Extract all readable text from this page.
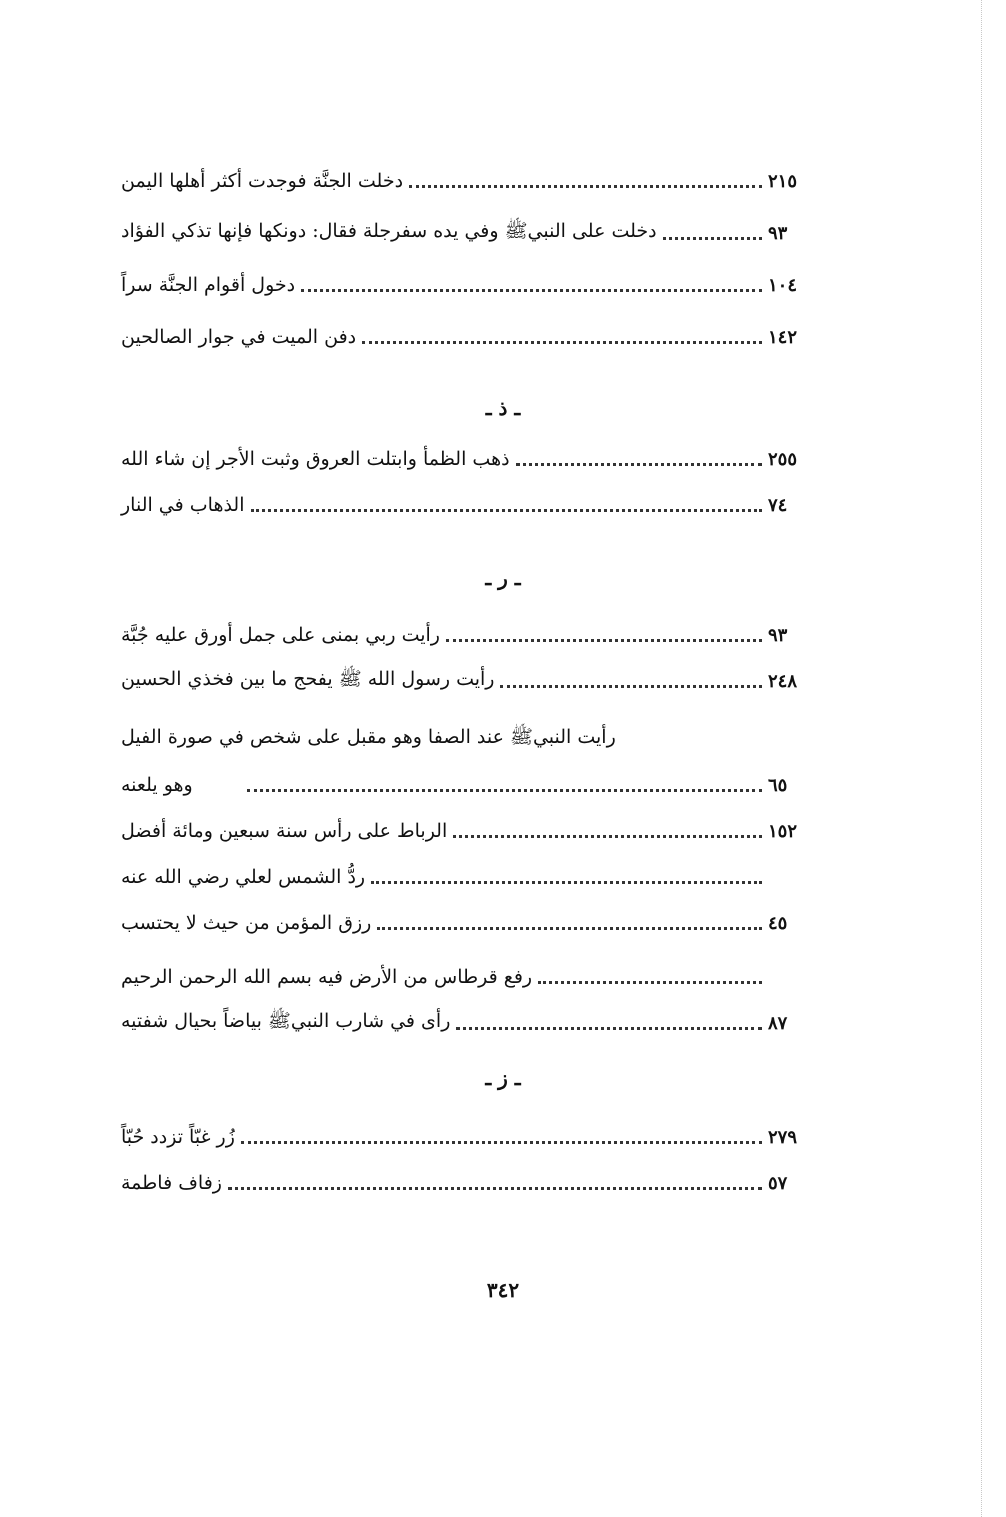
دخلت الجنَّة فوجدت أكثر أهلها اليمن	٢١٥
دخلت على النبيﷺ وفي يده سفرجلة فقال: دونكها فإنها تذكي الفؤاد	٩٣
دخول أقوام الجنَّة سراً	١٠٤
دفن الميت في جوار الصالحين	١٤٢
ـ ذ ـ
ذهب الظمأ وابتلت العروق وثبت الأجر إن شاء الله	٢٥٥
الذهاب في النار	٧٤
ـ ر ـ
رأيت ربي بمنى على جمل أورق عليه جُبَّة	٩٣
رأيت رسول الله ﷺ يفحج ما بين فخذي الحسين	٢٤٨
رأيت النبيﷺ عند الصفا وهو مقبل على شخص في صورة الفيل
وهو يلعنه	٦٥
الرباط على رأس سنة سبعين ومائة أفضل	١٥٢
ردُّ الشمس لعلي رضي الله عنه
رزق المؤمن من حيث لا يحتسب	٤٥
رفع قرطاس من الأرض فيه بسم الله الرحمن الرحيم
رأى في شارب النبيﷺ بياضاً بحيال شفتيه	٨٧
ـ ز ـ
زُر غبّاً تزدد حُبّاً	٢٧٩
زفاف فاطمة	٥٧
٣٤٢
